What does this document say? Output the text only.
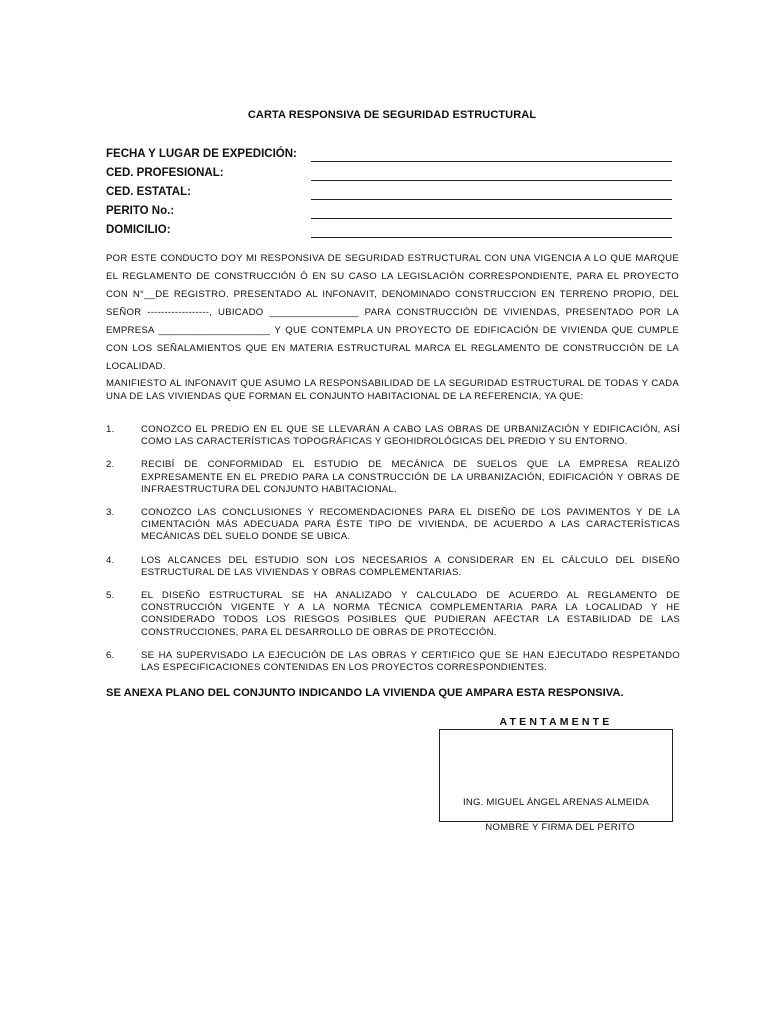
CARTA RESPONSIVA DE SEGURIDAD ESTRUCTURAL
FECHA Y LUGAR DE EXPEDICIÓN:
CED. PROFESIONAL:
CED. ESTATAL:
PERITO No.:
DOMICILIO:
POR ESTE CONDUCTO DOY MI RESPONSIVA DE SEGURIDAD ESTRUCTURAL CON UNA VIGENCIA A LO QUE MARQUE EL REGLAMENTO DE CONSTRUCCIÓN Ó EN SU CASO LA LEGISLACIÓN CORRESPONDIENTE, PARA EL PROYECTO CON N°__DE REGISTRO. PRESENTADO AL INFONAVIT, DENOMINADO CONSTRUCCION EN TERRENO PROPIO, DEL SEÑOR ------------------, UBICADO ________________ PARA CONSTRUCCIÓN DE VIVIENDAS, PRESENTADO POR LA EMPRESA ____________________ Y QUE CONTEMPLA UN PROYECTO DE EDIFICACIÓN DE VIVIENDA QUE CUMPLE CON LOS SEÑALAMIENTOS QUE EN MATERIA ESTRUCTURAL MARCA EL REGLAMENTO DE CONSTRUCCIÓN DE LA LOCALIDAD.
MANIFIESTO AL INFONAVIT QUE ASUMO LA RESPONSABILIDAD DE LA SEGURIDAD ESTRUCTURAL DE TODAS Y CADA UNA DE LAS VIVIENDAS QUE FORMAN EL CONJUNTO HABITACIONAL DE LA REFERENCIA, YA QUE:
1.	CONOZCO EL PREDIO EN EL QUE SE LLEVARÁN A CABO LAS OBRAS DE URBANIZACIÓN Y EDIFICACIÓN, ASÍ COMO LAS CARACTERÍSTICAS TOPOGRÁFICAS Y GEOHIDROLÓGICAS DEL PREDIO Y SU ENTORNO.
2.	RECIBÍ DE CONFORMIDAD EL ESTUDIO DE MECÁNICA DE SUELOS QUE LA EMPRESA REALIZÓ EXPRESAMENTE EN EL PREDIO PARA LA CONSTRUCCIÓN DE LA URBANIZACIÓN, EDIFICACIÓN Y OBRAS DE INFRAESTRUCTURA DEL CONJUNTO HABITACIONAL.
3.	CONOZCO LAS CONCLUSIONES Y RECOMENDACIONES PARA EL DISEÑO DE LOS PAVIMENTOS Y DE LA CIMENTACIÓN MÁS ADECUADA PARA ÉSTE TIPO DE VIVIENDA, DE ACUERDO A LAS CARACTERÍSTICAS MECÁNICAS DEL SUELO DONDE SE UBICA.
4.	LOS ALCANCES DEL ESTUDIO SON LOS NECESARIOS A CONSIDERAR EN EL CÁLCULO DEL DISEÑO ESTRUCTURAL DE LAS VIVIENDAS Y OBRAS COMPLEMENTARIAS.
5.	EL DISEÑO ESTRUCTURAL SE HA ANALIZADO Y CALCULADO DE ACUERDO AL REGLAMENTO DE CONSTRUCCIÓN VIGENTE Y A LA NORMA TÉCNICA COMPLEMENTARIA PARA LA LOCALIDAD Y HE CONSIDERADO TODOS LOS RIESGOS POSIBLES QUE PUDIERAN AFECTAR LA ESTABILIDAD DE LAS CONSTRUCCIONES, PARA EL DESARROLLO DE OBRAS DE PROTECCIÓN.
6.	SE HA SUPERVISADO LA EJECUCIÓN DE LAS OBRAS Y CERTIFICO QUE SE HAN EJECUTADO RESPETANDO LAS ESPECIFICACIONES CONTENIDAS EN LOS PROYECTOS CORRESPONDIENTES.
SE ANEXA PLANO DEL CONJUNTO INDICANDO LA VIVIENDA QUE AMPARA ESTA RESPONSIVA.
ATENTAMENTE
ING. MIGUEL ÁNGEL ARENAS ALMEIDA
NOMBRE Y FIRMA DEL PERITO
